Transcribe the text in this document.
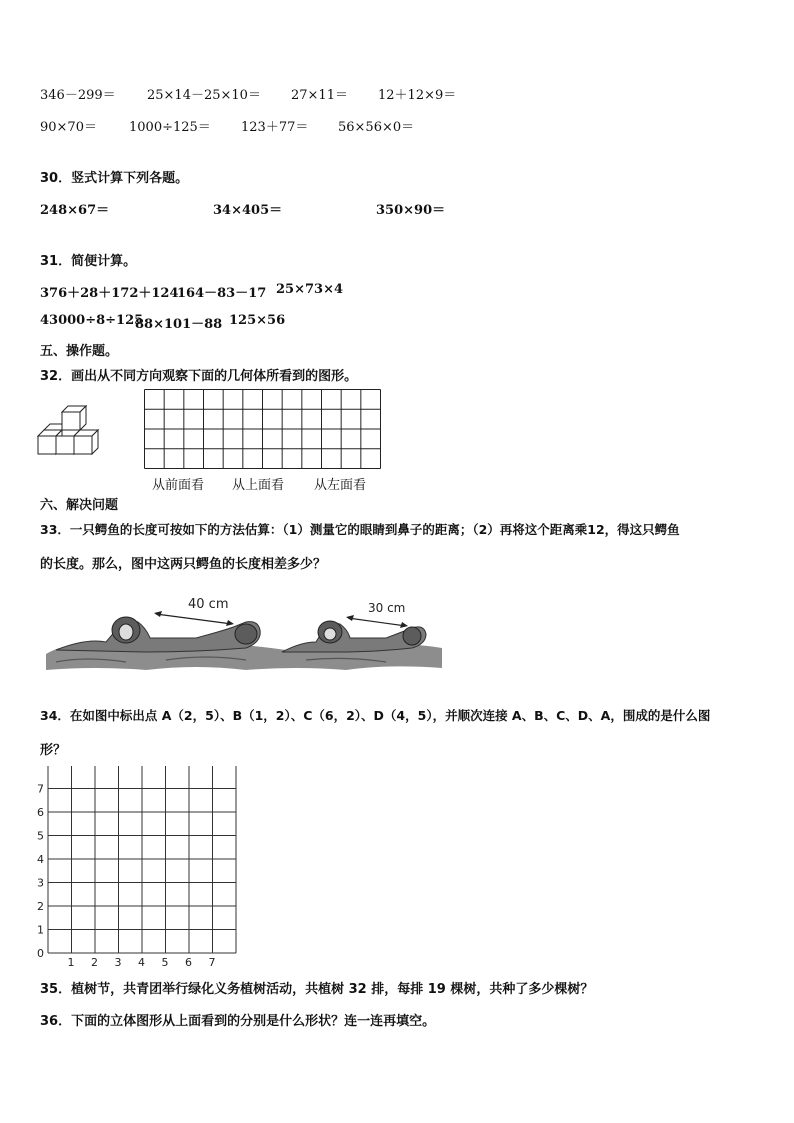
346－299＝ 25×14－25×10＝ 27×11＝ 12＋12×9＝
90×70＝ 1000÷125＝ 123＋77＝ 56×56×0＝
30．竖式计算下列各题。
248×67＝	34×405＝	350×90＝
31．简便计算。
376＋28＋172＋124
164－83－17 25×73×4
43000÷8÷125
88×101－88 125×56
五、操作题。
32．画出从不同方向观察下面的几何体所看到的图形。
从前面看 从上面看 从左面看
六、解决问题
33．一只鳄鱼的长度可按如下的方法估算：（1）测量它的眼睛到鼻子的距离；（2）再将这个距离乘12，得这只鳄鱼
的长度。那么，图中这两只鳄鱼的长度相差多少？
40 cm	30 cm
34．在如图中标出点 A（2，5）、B（1，2）、C（6，2）、D（4，5），并顺次连接 A、B、C、D、A，围成的是什么图
形？
7
6
5
4
3
2
1
0
1 2 3 4 5 6 7
35．植树节，共青团举行绿化义务植树活动，共植树 32 排，每排 19 棵树，共种了多少棵树？
36．下面的立体图形从上面看到的分别是什么形状？连一连再填空。
